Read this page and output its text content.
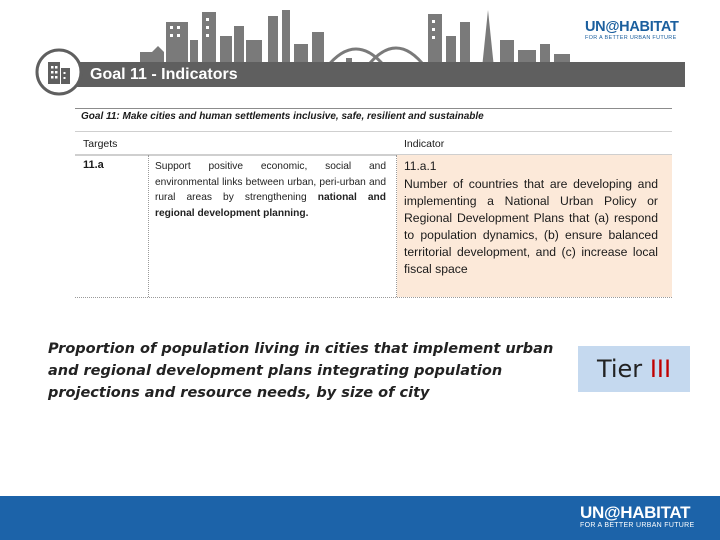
Goal 11 - Indicators
UN@HABITAT
FOR A BETTER URBAN FUTURE
Goal 11: Make cities and human settlements inclusive, safe, resilient and sustainable
Targets	Indicator
11.a	Support positive economic, social and environmental links between urban, peri-urban and rural areas by strengthening national and regional development planning.
11.a.1
Number of countries that are developing and implementing a National Urban Policy or Regional Development Plans that (a) respond to population dynamics, (b) ensure balanced territorial development, and (c) increase local fiscal space
Proportion of population living in cities that implement urban and regional development plans integrating population projections and resource needs, by size of city
Tier III
UN@HABITAT
FOR A BETTER URBAN FUTURE
